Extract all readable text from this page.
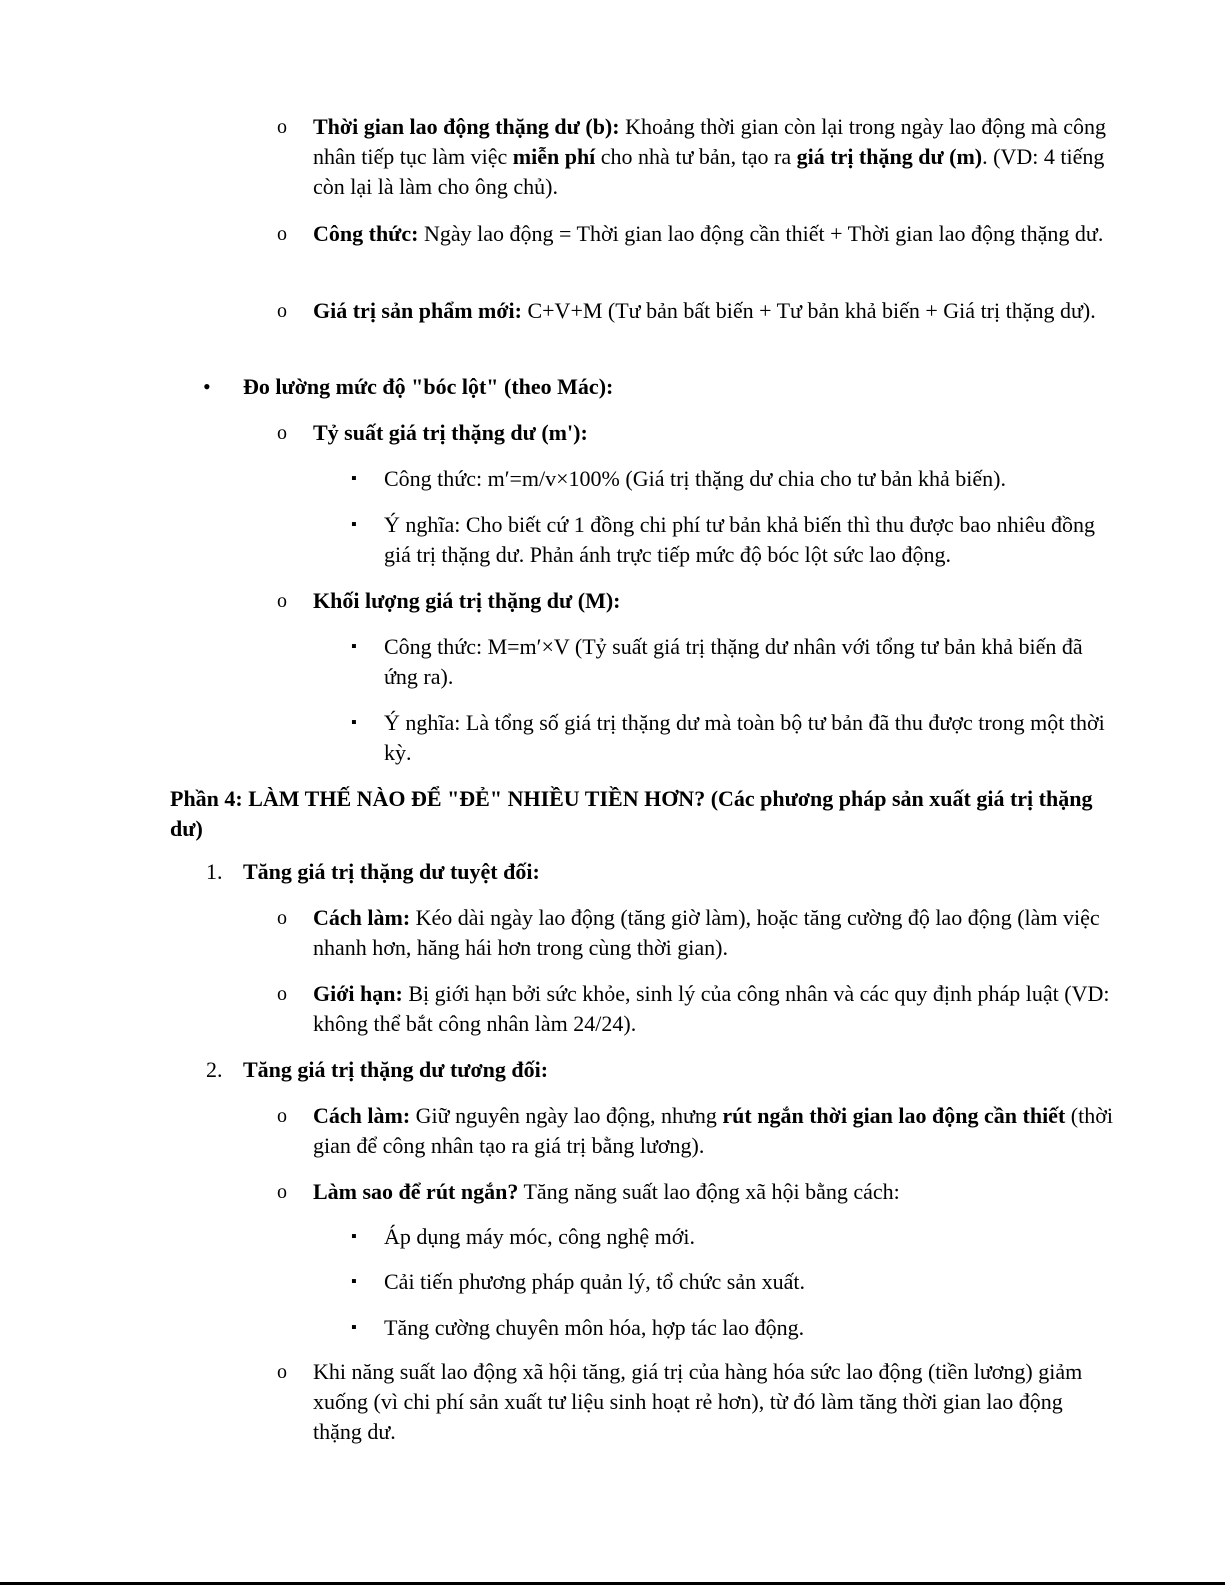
o Thời gian lao động thặng dư (b): Khoảng thời gian còn lại trong ngày lao động mà công nhân tiếp tục làm việc miễn phí cho nhà tư bản, tạo ra giá trị thặng dư (m). (VD: 4 tiếng còn lại là làm cho ông chủ).
o Công thức: Ngày lao động = Thời gian lao động cần thiết + Thời gian lao động thặng dư.
o Giá trị sản phẩm mới: C+V+M (Tư bản bất biến + Tư bản khả biến + Giá trị thặng dư).
• Đo lường mức độ "bóc lột" (theo Mác):
o Tỷ suất giá trị thặng dư (m'):
▪ Công thức: m′=m/v×100% (Giá trị thặng dư chia cho tư bản khả biến).
▪ Ý nghĩa: Cho biết cứ 1 đồng chi phí tư bản khả biến thì thu được bao nhiêu đồng giá trị thặng dư. Phản ánh trực tiếp mức độ bóc lột sức lao động.
o Khối lượng giá trị thặng dư (M):
▪ Công thức: M=m′×V (Tỷ suất giá trị thặng dư nhân với tổng tư bản khả biến đã ứng ra).
▪ Ý nghĩa: Là tổng số giá trị thặng dư mà toàn bộ tư bản đã thu được trong một thời kỳ.
Phần 4: LÀM THẾ NÀO ĐỂ "ĐẺ" NHIỀU TIỀN HƠN? (Các phương pháp sản xuất giá trị thặng dư)
1. Tăng giá trị thặng dư tuyệt đối:
o Cách làm: Kéo dài ngày lao động (tăng giờ làm), hoặc tăng cường độ lao động (làm việc nhanh hơn, hăng hái hơn trong cùng thời gian).
o Giới hạn: Bị giới hạn bởi sức khỏe, sinh lý của công nhân và các quy định pháp luật (VD: không thể bắt công nhân làm 24/24).
2. Tăng giá trị thặng dư tương đối:
o Cách làm: Giữ nguyên ngày lao động, nhưng rút ngắn thời gian lao động cần thiết (thời gian để công nhân tạo ra giá trị bằng lương).
o Làm sao để rút ngắn? Tăng năng suất lao động xã hội bằng cách:
▪ Áp dụng máy móc, công nghệ mới.
▪ Cải tiến phương pháp quản lý, tổ chức sản xuất.
▪ Tăng cường chuyên môn hóa, hợp tác lao động.
o Khi năng suất lao động xã hội tăng, giá trị của hàng hóa sức lao động (tiền lương) giảm xuống (vì chi phí sản xuất tư liệu sinh hoạt rẻ hơn), từ đó làm tăng thời gian lao động thặng dư.
